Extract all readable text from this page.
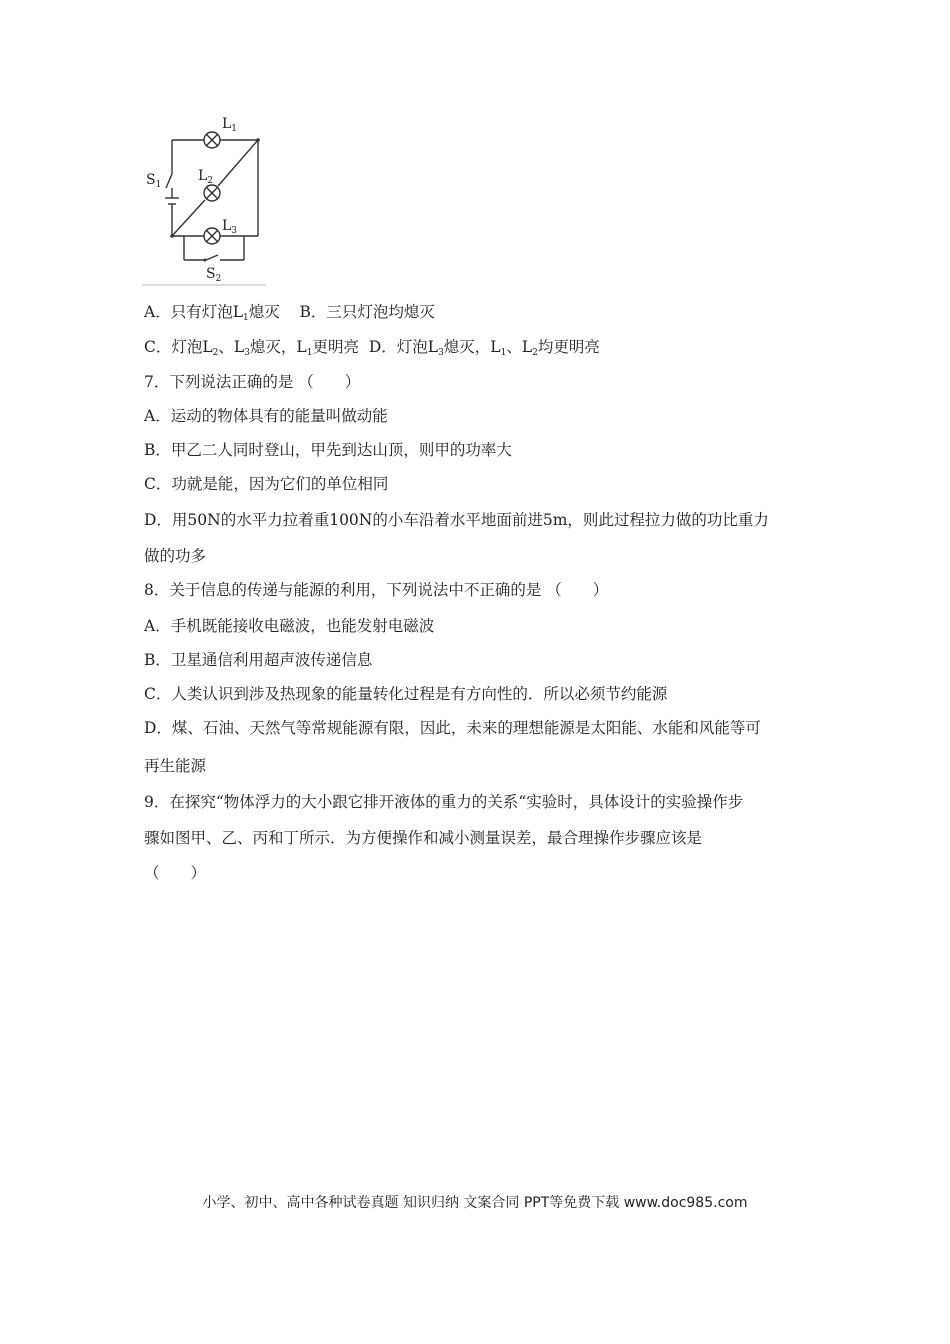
$L_1$
$L_2$
$L_3$
$S_1$
$S_2$
A．只有灯泡$L_1$熄灭 B．三只灯泡均熄灭
C．灯泡$L_2$、$L_3$熄灭，$L_1$更明亮 D．灯泡$L_3$熄灭，$L_1$、$L_2$均更明亮
7．下列说法正确的是 （　　）
A．运动的物体具有的能量叫做动能
B．甲乙二人同时登山，甲先到达山顶，则甲的功率大
C．功就是能，因为它们的单位相同
D．用50N的水平力拉着重100N的小车沿着水平地面前进5m，则此过程拉力做的功比重力
做的功多
8．关于信息的传递与能源的利用，下列说法中不正确的是 （　　）
A．手机既能接收电磁波，也能发射电磁波
B．卫星通信利用超声波传递信息
C．人类认识到涉及热现象的能量转化过程是有方向性的．所以必须节约能源
D．煤、石油、天然气等常规能源有限，因此，未来的理想能源是太阳能、水能和风能等可
再生能源
9．在探究“物体浮力的大小跟它排开液体的重力的关系“实验时，具体设计的实验操作步
骤如图甲、乙、丙和丁所示．为方便操作和减小测量误差，最合理操作步骤应该是
（　　）
小学、初中、高中各种试卷真题 知识归纳 文案合同 PPT等免费下载 www.doc985.com
